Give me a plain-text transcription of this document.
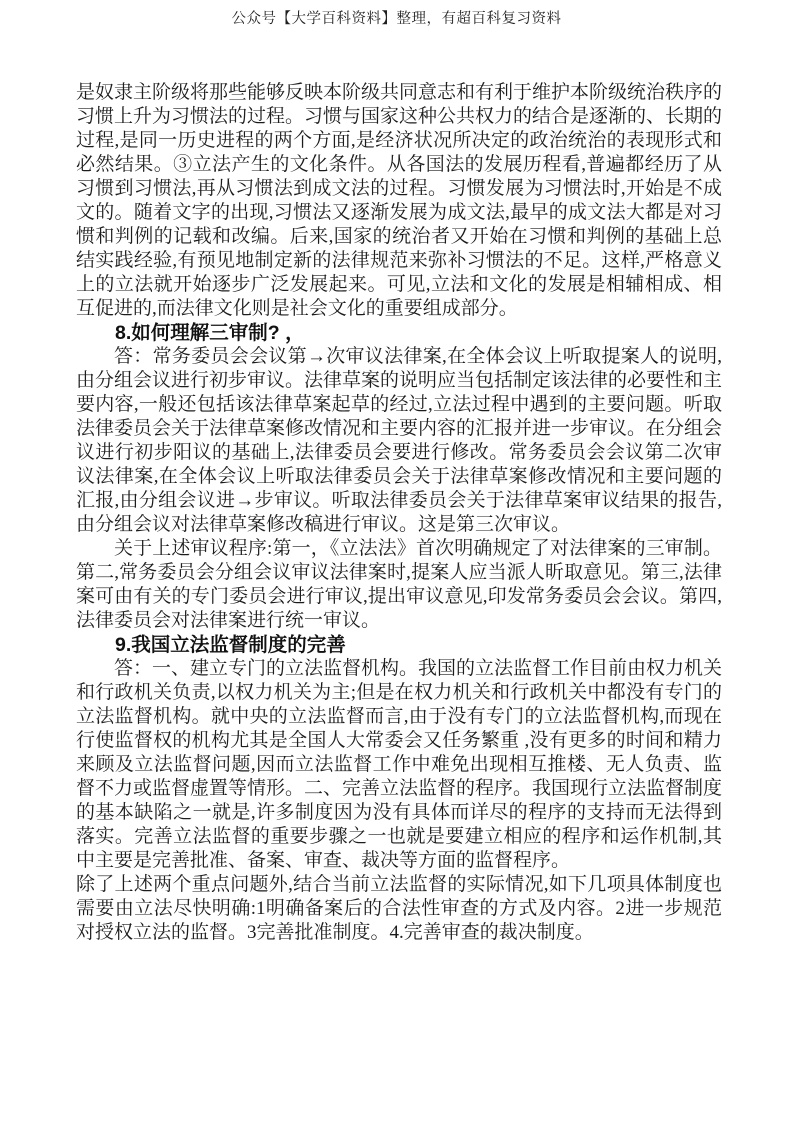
公众号【大学百科资料】整理，有超百科复习资料

是奴隶主阶级将那些能够反映本阶级共同意志和有利于维护本阶级统治秩序的习惯上升为习惯法的过程。习惯与国家这种公共权力的结合是逐渐的、长期的过程,是同一历史进程的两个方面,是经济状况所决定的政治统治的表现形式和必然结果。③立法产生的文化条件。从各国法的发展历程看,普遍都经历了从习惯到习惯法,再从习惯法到成文法的过程。习惯发展为习惯法时,开始是不成文的。随着文字的出现,习惯法又逐渐发展为成文法,最早的成文法大都是对习惯和判例的记载和改编。后来,国家的统治者又开始在习惯和判例的基础上总结实践经验,有预见地制定新的法律规范来弥补习惯法的不足。这样,严格意义上的立法就开始逐步广泛发展起来。可见,立法和文化的发展是相辅相成、相互促进的,而法律文化则是社会文化的重要组成部分。

8.如何理解三审制? ，

答：常务委员会会议第→次审议法律案,在全体会议上听取提案人的说明,由分组会议进行初步审议。法律草案的说明应当包括制定该法律的必要性和主要内容,一般还包括该法律草案起草的经过,立法过程中遇到的主要问题。听取法律委员会关于法律草案修改情况和主要内容的汇报并进一步审议。在分组会议进行初步阳议的基础上,法律委员会要进行修改。常务委员会会议第二次审议法律案,在全体会议上听取法律委员会关于法律草案修改情况和主要问题的汇报,由分组会议进→步审议。听取法律委员会关于法律草案审议结果的报告,由分组会议对法律草案修改稿进行审议。这是第三次审议。

关于上述审议程序:第一，《立法法》首次明确规定了对法律案的三审制。第二,常务委员会分组会议审议法律案时,提案人应当派人昕取意见。第三,法律案可由有关的专门委员会进行审议,提出审议意见,印发常务委员会会议。第四,法律委员会对法律案进行统一审议。

9.我国立法监督制度的完善

答：一、建立专门的立法监督机构。我国的立法监督工作目前由权力机关和行政机关负责,以权力机关为主;但是在权力机关和行政机关中都没有专门的立法监督机构。就中央的立法监督而言,由于没有专门的立法监督机构,而现在行使监督权的机构尤其是全国人大常委会又任务繁重 ,没有更多的时间和精力来顾及立法监督问题,因而立法监督工作中难免出现相互推楼、无人负责、监督不力或监督虚置等情形。二、完善立法监督的程序。我国现行立法监督制度的基本缺陷之一就是,许多制度因为没有具体而详尽的程序的支持而无法得到落实。完善立法监督的重要步骤之一也就是要建立相应的程序和运作机制,其中主要是完善批准、备案、审查、裁决等方面的监督程序。

除了上述两个重点问题外,结合当前立法监督的实际情况,如下几项具体制度也需要由立法尽快明确:1明确备案后的合法性审查的方式及内容。2进一步规范对授权立法的监督。3完善批准制度。4.完善审查的裁决制度。
